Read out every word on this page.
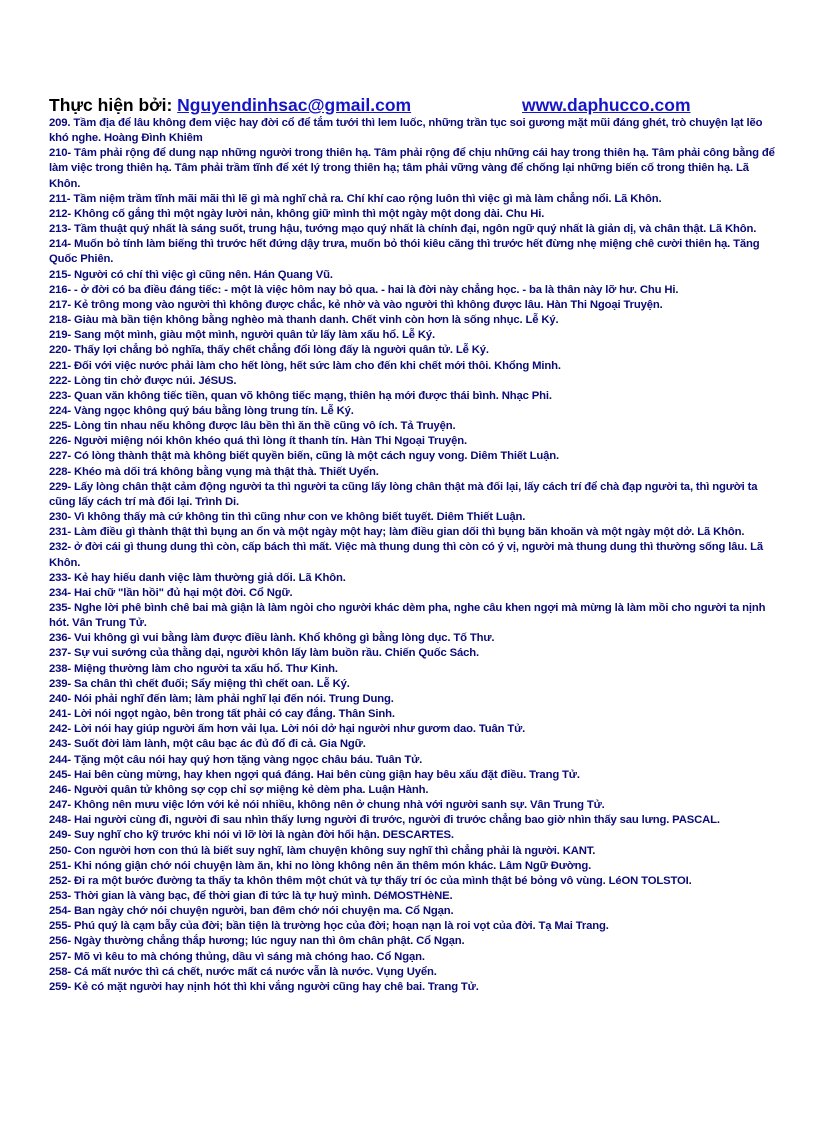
Thực hiện bởi: Nguyendinhsac@gmail.com	www.daphucco.com

209. Tầm địa để lâu không đem việc hay đời cổ để tắm tưới thì lem luốc, những trần tục soi gương mặt mũi đáng ghét, trò chuyện lạt lẽo khó nghe. Hoàng Đình Khiêm

210- Tâm phải rộng để dung nạp những người trong thiên hạ. Tâm phải rộng để chịu những cái hay trong thiên hạ. Tâm phải công bằng để làm việc trong thiên hạ. Tâm phải trầm tĩnh để xét lý trong thiên hạ; tâm phải vững vàng để chống lại những biến cố trong thiên hạ. Lã Khôn.

211- Tầm niệm trầm tĩnh mãi mãi thì lẽ gì mà nghĩ chả ra. Chí khí cao rộng luôn thì việc gì mà làm chẳng nổi. Lã Khôn.

212- Không cố gắng thì một ngày lười nản, không giữ mình thì một ngày một dong dài. Chu Hi.

213- Tầm thuật quý nhất là sáng suốt, trung hậu, tướng mạo quý nhất là chính đại, ngôn ngữ quý nhất là giản dị, và chân thật. Lã Khôn.

214- Muốn bỏ tính làm biếng thì trước hết đứng dậy trưa, muốn bỏ thói kiêu căng thì trước hết đừng nhẹ miệng chê cười thiên hạ. Tăng Quốc Phiên.

215- Người có chí thì việc gì cũng nên. Hán Quang Vũ.

216- - ở đời có ba điều đáng tiếc: - một là việc hôm nay bỏ qua. - hai là đời này chẳng học. - ba là thân này lỡ hư. Chu Hi.

217- Kẻ trông mong vào người thì không được chắc, kẻ nhờ và vào người thì không được lâu. Hàn Thi Ngoại Truyện.

218- Giàu mà bần tiện không bằng nghèo mà thanh danh. Chết vinh còn hơn là sống nhục. Lễ Ký.

219- Sang một mình, giàu một mình, người quân tử lấy làm xấu hổ. Lễ Ký.

220- Thấy lợi chẳng bỏ nghĩa, thấy chết chẳng đổi lòng đấy là người quân tử. Lễ Ký.

221- Đối với việc nước phải làm cho hết lòng, hết sức làm cho đến khi chết mới thôi. Khổng Minh.

222- Lòng tin chở được núi. JéSUS.

223- Quan văn không tiếc tiền, quan võ không tiếc mạng, thiên hạ mới được thái bình. Nhạc Phi.

224- Vàng ngọc không quý báu bằng lòng trung tín. Lễ Ký.

225- Lòng tin nhau nếu không được lâu bền thì ăn thề cũng vô ích. Tả Truyện.

226- Người miệng nói khôn khéo quá thì lòng ít thanh tín. Hàn Thi Ngoại Truyện.

227- Có lòng thành thật mà không biết quyền biến, cũng là một cách nguy vong. Diêm Thiết Luận.

228- Khéo mà dối trá không bằng vụng mà thật thà. Thiết Uyển.

229- Lấy lòng chân thật cảm động người ta thì người ta cũng lấy lòng chân thật mà đối lại, lấy cách trí để chà đạp người ta, thì người ta cũng lấy cách trí mà đối lại. Trình Di.

230- Vì không thấy mà cứ không tin thì cũng như con ve không biết tuyết. Diêm Thiết Luận.

231- Làm điều gì thành thật thì bụng an ổn và một ngày một hay; làm điều gian dối thì bụng băn khoăn và một ngày một dở. Lã Khôn.

232- ở đời cái gì thung dung thì còn, cấp bách thì mất. Việc mà thung dung thì còn có ý vị, người mà thung dung thì thường sống lâu. Lã Khôn.

233- Kẻ hay hiếu danh việc làm thường giả dối. Lã Khôn.

234- Hai chữ "lần hồi" đủ hại một đời. Cổ Ngữ.

235- Nghe lời phê bình chê bai mà giận là làm ngòi cho người khác dèm pha, nghe câu khen ngợi mà mừng là làm mồi cho người ta nịnh hót. Vân Trung Tử.

236- Vui không gì vui bằng làm được điều lành. Khổ không gì bằng lòng dục. Tố Thư.

237- Sự vui sướng của thằng dại, người khôn lấy làm buồn rầu. Chiến Quốc Sách.

238- Miệng thường làm cho người ta xấu hổ. Thư Kinh.

239- Sa chân thì chết đuối; Sẩy miệng thì chết oan. Lễ Ký.

240- Nói phải nghĩ đến làm; làm phải nghĩ lại đến nói. Trung Dung.

241- Lời nói ngọt ngào, bên trong tất phải có cay đắng. Thân Sinh.

242- Lời nói hay giúp người ấm hơn vải lụa. Lời nói dở hại người như gươm dao. Tuân Tử.

243- Suốt đời làm lành, một câu bạc ác đủ đổ đi cả. Gia Ngữ.

244- Tặng một câu nói hay quý hơn tặng vàng ngọc châu báu. Tuân Tử.

245- Hai bên cùng mừng, hay khen ngợi quá đáng. Hai bên cùng giận hay bêu xấu đặt điều. Trang Tử.

246- Người quân tử không sợ cọp chỉ sợ miệng kẻ dèm pha. Luận Hành.

247- Không nên mưu việc lớn với kẻ nói nhiều, không nên ở chung nhà với người sanh sự. Vân Trung Tử.

248- Hai người cùng đi, người đi sau nhìn thấy lưng người đi trước, người đi trước chẳng bao giờ nhìn thấy sau lưng. PASCAL.

249- Suy nghĩ cho kỹ trước khi nói vì lỡ lời là ngàn đời hối hận. DESCARTES.

250- Con người hơn con thú là biết suy nghĩ, làm chuyện không suy nghĩ thì chẳng phải là người. KANT.

251- Khi nóng giận chớ nói chuyện làm ăn, khi no lòng không nên ăn thêm món khác. Lâm Ngữ Đường.

252- Đi ra một bước đường ta thấy ta khôn thêm một chút và tự thấy trí óc của mình thật bé bỏng vô vùng. LéON TOLSTOI.

253- Thời gian là vàng bạc, để thời gian đi tức là tự huỷ mình. DéMOSTHèNE.

254- Ban ngày chớ nói chuyện người, ban đêm chớ nói chuyện ma. Cổ Ngạn.

255- Phú quý là cạm bẫy của đời; bần tiện là trường học của đời; hoạn nạn là roi vọt của đời. Tạ Mai Trang.

256- Ngày thường chẳng thắp hương; lúc nguy nan thì ôm chân phật. Cổ Ngạn.

257- Mõ vì kêu to mà chóng thủng, dầu vì sáng mà chóng hao. Cổ Ngạn.

258- Cá mất nước thì cá chết, nước mất cá nước vẫn là nước. Vụng Uyển.

259- Kẻ có mặt người hay nịnh hót thì khi vắng người cũng hay chê bai. Trang Tử.
